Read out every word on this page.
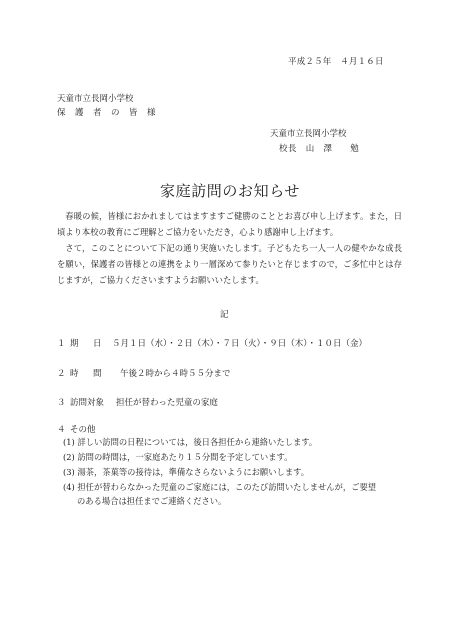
平成２５年　４月１６日
天童市立長岡小学校
保 護 者 の 皆 様
天童市立長岡小学校
校長　山　澤　　勉
家庭訪問のお知らせ

春暖の候，皆様におかれましてはますますご健勝のこととお喜び申し上げます。また，日頃より本校の教育にご理解とご協力をいただき，心より感謝申し上げます。

さて，このことについて下記の通り実施いたします。子どもたち一人一人の健やかな成長を願い，保護者の皆様との連携をより一層深めて参りたいと存じますので，ご多忙中とは存じますが，ご協力くださいますようお願いいたします。

記
１ 期　日 ５月１日（水）・２日（木）・７日（火）・９日（木）・１０日（金）
２ 時　間 午後２時から４時５５分まで
３ 訪問対象 担任が替わった児童の家庭
４ その他
(1) 詳しい訪問の日程については，後日各担任から連絡いたします。
(2) 訪問の時間は，一家庭あたり１５分間を予定しています。
(3) 湯茶，茶菓等の接待は，準備なさらないようにお願いします。
(4) 担任が替わらなかった児童のご家庭には，このたび訪問いたしませんが，ご要望
のある場合は担任までご連絡ください。
